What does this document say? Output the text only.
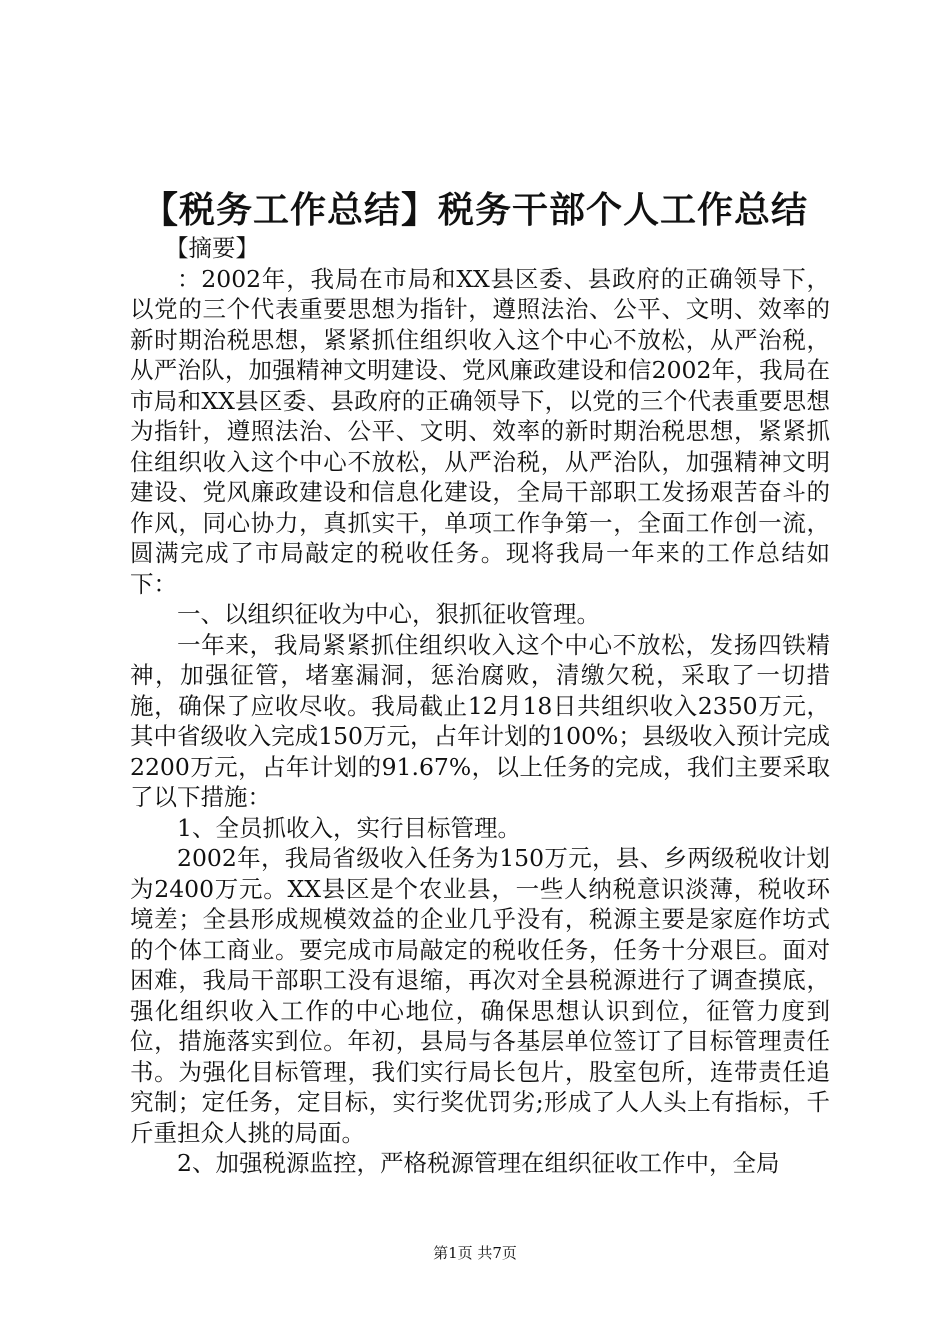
【税务工作总结】税务干部个人工作总结

【摘要】

：2002年，我局在市局和XX县区委、县政府的正确领导下，以党的三个代表重要思想为指针，遵照法治、公平、文明、效率的新时期治税思想，紧紧抓住组织收入这个中心不放松，从严治税，从严治队，加强精神文明建设、党风廉政建设和信2002年，我局在市局和XX县区委、县政府的正确领导下，以党的三个代表重要思想为指针，遵照法治、公平、文明、效率的新时期治税思想，紧紧抓住组织收入这个中心不放松，从严治税，从严治队，加强精神文明建设、党风廉政建设和信息化建设，全局干部职工发扬艰苦奋斗的作风，同心协力，真抓实干，单项工作争第一，全面工作创一流，圆满完成了市局敲定的税收任务。现将我局一年来的工作总结如下：

一、以组织征收为中心，狠抓征收管理。

一年来，我局紧紧抓住组织收入这个中心不放松，发扬四铁精神，加强征管，堵塞漏洞，惩治腐败，清缴欠税，采取了一切措施，确保了应收尽收。我局截止12月18日共组织收入2350万元，其中省级收入完成150万元，占年计划的100%；县级收入预计完成2200万元，占年计划的91.67%，以上任务的完成，我们主要采取了以下措施：

1、全员抓收入，实行目标管理。

2002年，我局省级收入任务为150万元，县、乡两级税收计划为2400万元。XX县区是个农业县，一些人纳税意识淡薄，税收环境差；全县形成规模效益的企业几乎没有，税源主要是家庭作坊式的个体工商业。要完成市局敲定的税收任务，任务十分艰巨。面对困难，我局干部职工没有退缩，再次对全县税源进行了调查摸底，强化组织收入工作的中心地位，确保思想认识到位，征管力度到位，措施落实到位。年初，县局与各基层单位签订了目标管理责任书。为强化目标管理，我们实行局长包片，股室包所，连带责任追究制；定任务，定目标，实行奖优罚劣;形成了人人头上有指标，千斤重担众人挑的局面。

2、加强税源监控，严格税源管理在组织征收工作中，全局

第1页 共7页
